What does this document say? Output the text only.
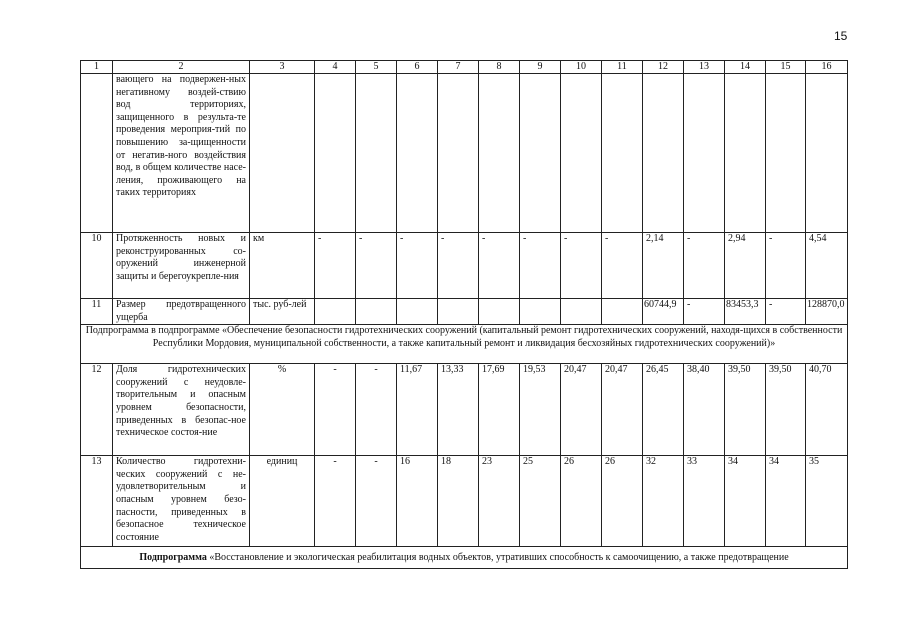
15
1	2	3	4	5	6	7	8	9	10	11	12	13	14	15	16
	вающего на подвержен-ных негативному воздей-ствию вод территориях, защищенного в результа-те проведения мероприя-тий по повышению за-щищенности от негатив-ного воздействия вод, в общем количестве насе-ления, проживающего на таких территориях														
10	Протяженность новых и реконструированных со-оружений инженерной защиты и берегоукрепле-ния	км	-	-	-	-	-	-	-	-	2,14	-	2,94	-	4,54
11	Размер предотвращенного ущерба	тыс. руб-лей									60744,9	-	83453,3	-	128870,0
Подпрограмма в подпрограмме «Обеспечение безопасности гидротехнических сооружений (капитальный ремонт гидротехнических сооружений, находя-щихся в собственности Республики Мордовия, муниципальной собственности, а также капитальный ремонт и ликвидация бесхозяйных гидротехнических сооружений)»															
12	Доля гидротехнических сооружений с неудовле-творительным и опасным уровнем безопасности, приведенных в безопас-ное техническое состоя-ние	%	-	-	11,67	13,33	17,69	19,53	20,47	20,47	26,45	38,40	39,50	39,50	40,70
13	Количество гидротехни-ческих сооружений с не-удовлетворительным и опасным уровнем безо-пасности, приведенных в безопасное техническое состояние	единиц	-	-	16	18	23	25	26	26	32	33	34	34	35
Подпрограмма «Восстановление и экологическая реабилитация водных объектов, утративших способность к самоочищению, а также предотвращение															
